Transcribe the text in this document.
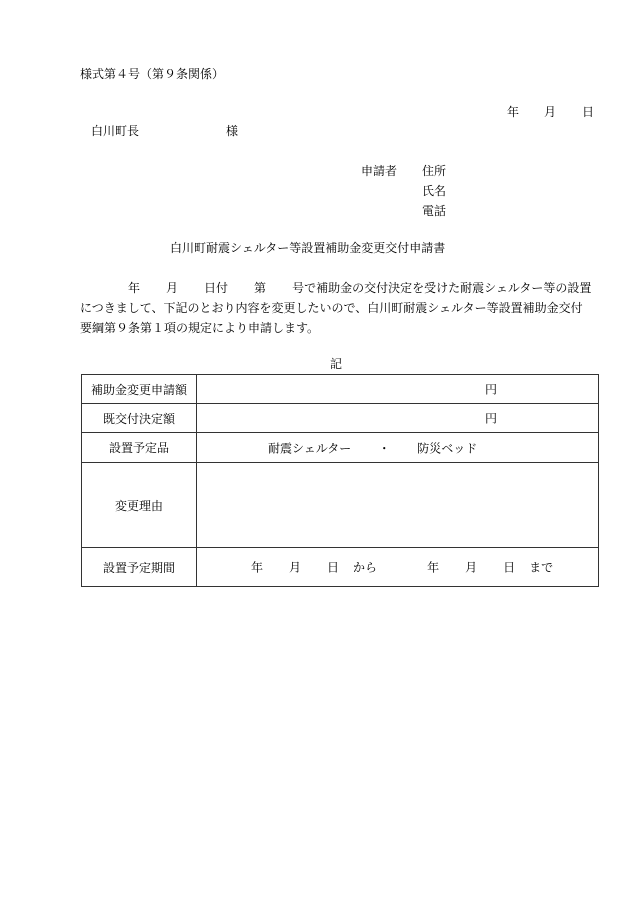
様式第４号（第９条関係）
年 月 日
白川町長	様
申請者 住所
氏名
電話
白川町耐震シェルター等設置補助金変更交付申請書
年 月 日付 第 号で補助金の交付決定を受けた耐震シェルター等の設置
につきまして、下記のとおり内容を変更したいので、白川町耐震シェルター等設置補助金交付
要綱第９条第１項の規定により申請します。
記
補助金変更申請額	円

既交付決定額	円

設置予定品	耐震シェルター ・ 防災ベッド

変更理由	
設置予定期間	年 月 日 から 年 月 日 まで
